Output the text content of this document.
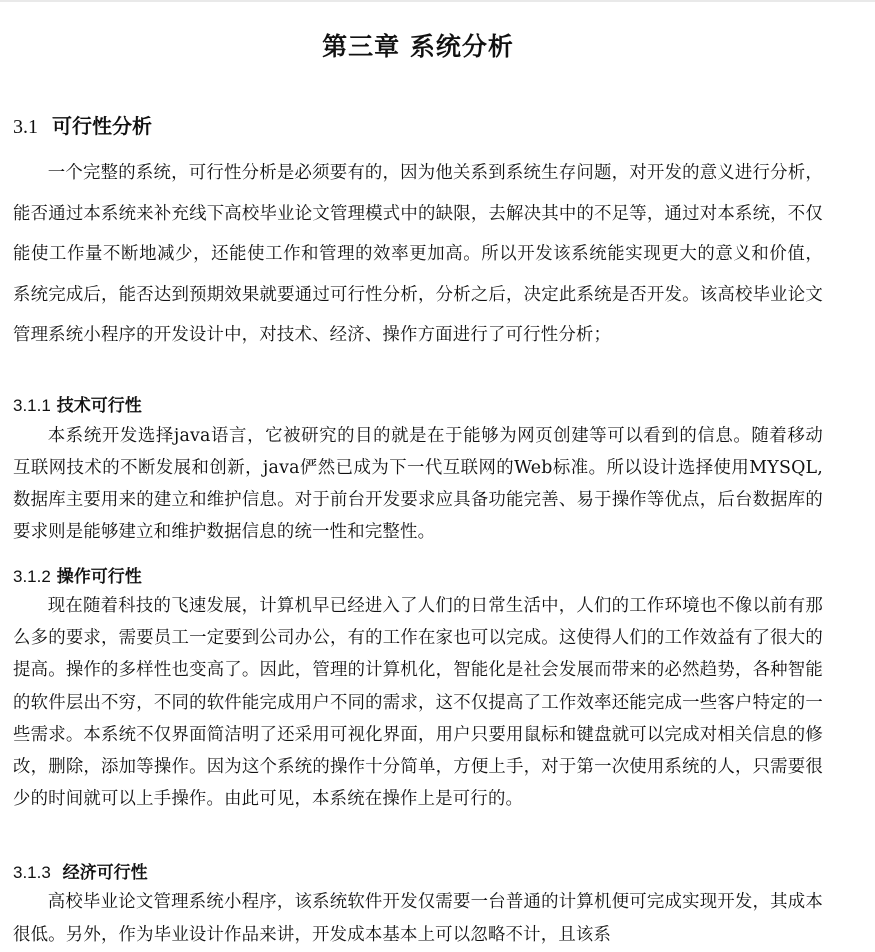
第三章 系统分析
3.1 可行性分析

一个完整的系统，可行性分析是必须要有的，因为他关系到系统生存问题，对开发的意义进行分析，能否通过本系统来补充线下高校毕业论文管理模式中的缺限，去解决其中的不足等，通过对本系统，不仅能使工作量不断地减少，还能使工作和管理的效率更加高。所以开发该系统能实现更大的意义和价值， 系统完成后，能否达到预期效果就要通过可行性分析，分析之后，决定此系统是否开发。该高校毕业论文管理系统小程序的开发设计中，对技术、经济、操作方面进行了可行性分析；

3.1.1 技术可行性

本系统开发选择java语言，它被研究的目的就是在于能够为网页创建等可以看到的信息。随着移动互联网技术的不断发展和创新，java俨然已成为下一代互联网的Web标准。所以设计选择使用MYSQL,数据库主要用来的建立和维护信息。对于前台开发要求应具备功能完善、易于操作等优点，后台数据库的要求则是能够建立和维护数据信息的统一性和完整性。

3.1.2 操作可行性

现在随着科技的飞速发展，计算机早已经进入了人们的日常生活中，人们的工作环境也不像以前有那么多的要求，需要员工一定要到公司办公，有的工作在家也可以完成。这使得人们的工作效益有了很大的提高。操作的多样性也变高了。因此，管理的计算机化，智能化是社会发展而带来的必然趋势，各种智能的软件层出不穷，不同的软件能完成用户不同的需求，这不仅提高了工作效率还能完成一些客户特定的一些需求。本系统不仅界面简洁明了还采用可视化界面，用户只要用鼠标和键盘就可以完成对相关信息的修改，删除，添加等操作。因为这个系统的操作十分简单，方便上手，对于第一次使用系统的人，只需要很少的时间就可以上手操作。由此可见，本系统在操作上是可行的。

3.1.3 经济可行性

高校毕业论文管理系统小程序，该系统软件开发仅需要一台普通的计算机便可完成实现开发，其成本很低。另外，作为毕业设计作品来讲，开发成本基本上可以忽略不计，且该系
